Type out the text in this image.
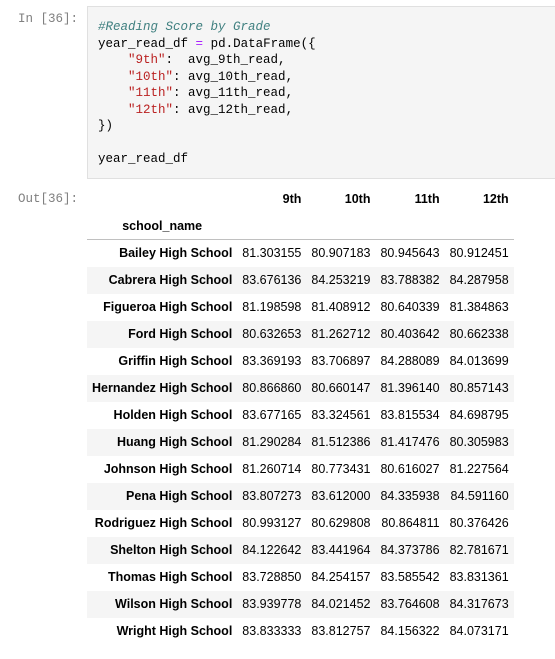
In [36]:
#Reading Score by Grade
year_read_df = pd.DataFrame({
"9th":  avg_9th_read,
"10th": avg_10th_read,
"11th": avg_11th_read,
"12th": avg_12th_read,
})
year_read_df
Out[36]:
		9th	10th	11th	12th
school_name				
Bailey High School	81.303155	80.907183	80.945643	80.912451
Cabrera High School	83.676136	84.253219	83.788382	84.287958
Figueroa High School	81.198598	81.408912	80.640339	81.384863
Ford High School	80.632653	81.262712	80.403642	80.662338
Griffin High School	83.369193	83.706897	84.288089	84.013699
Hernandez High School	80.866860	80.660147	81.396140	80.857143
Holden High School	83.677165	83.324561	83.815534	84.698795
Huang High School	81.290284	81.512386	81.417476	80.305983
Johnson High School	81.260714	80.773431	80.616027	81.227564
Pena High School	83.807273	83.612000	84.335938	84.591160
Rodriguez High School	80.993127	80.629808	80.864811	80.376426
Shelton High School	84.122642	83.441964	84.373786	82.781671
Thomas High School	83.728850	84.254157	83.585542	83.831361
Wilson High School	83.939778	84.021452	83.764608	84.317673
Wright High School	83.833333	83.812757	84.156322	84.073171
